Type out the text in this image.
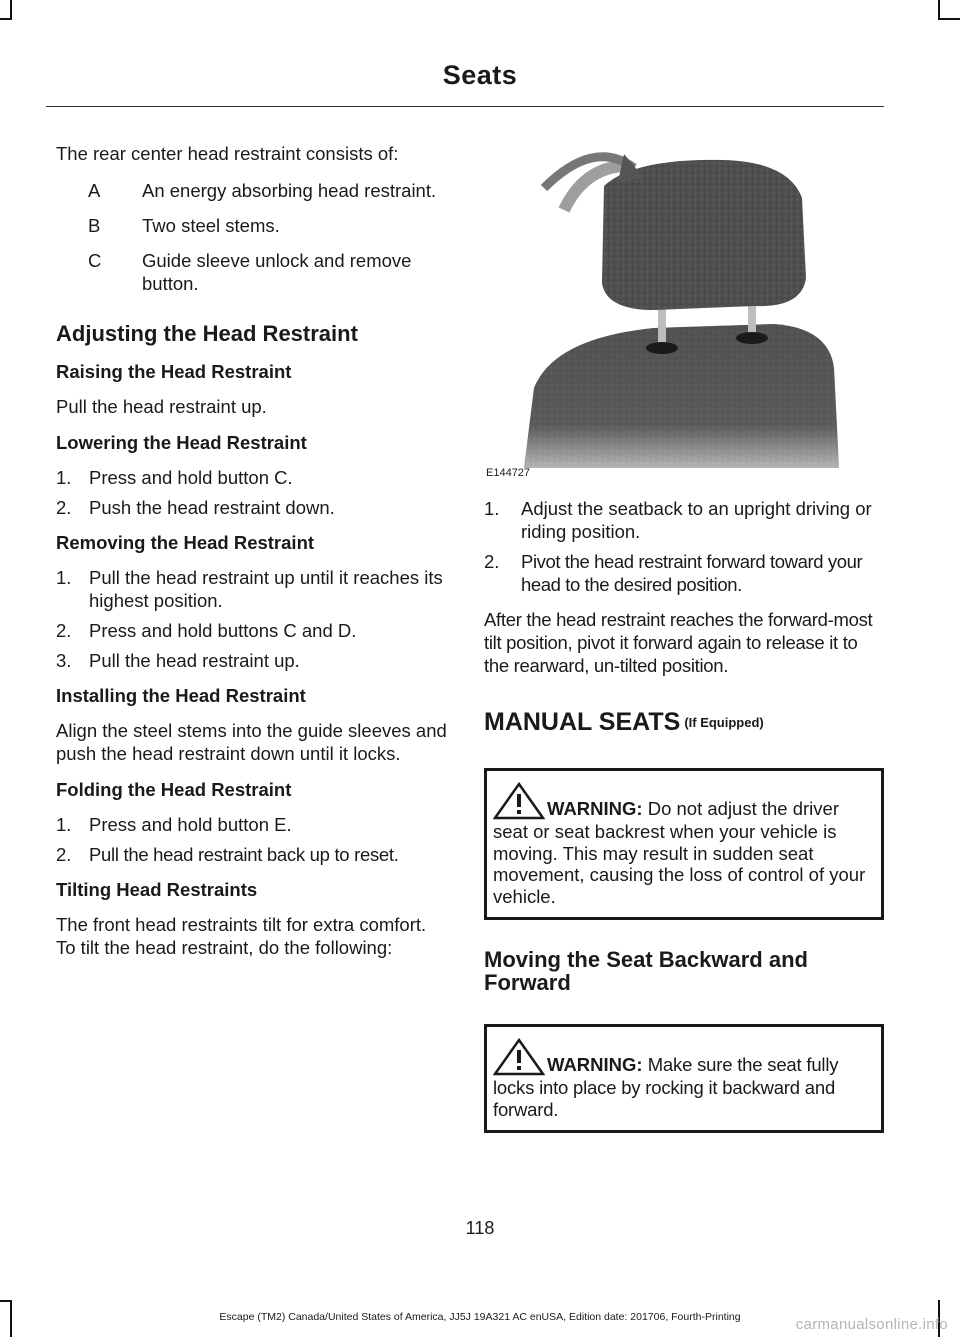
Seats

The rear center head restraint consists of:

A	An energy absorbing head restraint.
B	Two steel stems.
C	Guide sleeve unlock and remove button.
Adjusting the Head Restraint
Raising the Head Restraint

Pull the head restraint up.

Lowering the Head Restraint
1. Press and hold button C.
2. Push the head restraint down.
Removing the Head Restraint
1. Pull the head restraint up until it reaches its highest position.
2. Press and hold buttons C and D.
3. Pull the head restraint up.
Installing the Head Restraint

Align the steel stems into the guide sleeves and push the head restraint down until it locks.

Folding the Head Restraint
1. Press and hold button E.
2. Pull the head restraint back up to reset.
Tilting Head Restraints

The front head restraints tilt for extra comfort. To tilt the head restraint, do the following:

E144727
1.	Adjust the seatback to an upright driving or riding position.
2.	Pivot the head restraint forward toward your head to the desired position.

After the head restraint reaches the forward-most tilt position, pivot it forward again to release it to the rearward, un-tilted position.

MANUAL SEATS (If Equipped)
WARNING: Do not adjust the driver seat or seat backrest when your vehicle is moving. This may result in sudden seat movement, causing the loss of control of your vehicle.
Moving the Seat Backward and Forward
WARNING: Make sure the seat fully locks into place by rocking it backward and forward.
118
Escape (TM2) Canada/United States of America, JJ5J 19A321 AC enUSA, Edition date: 201706, Fourth-Printing	carmanualsonline.info
